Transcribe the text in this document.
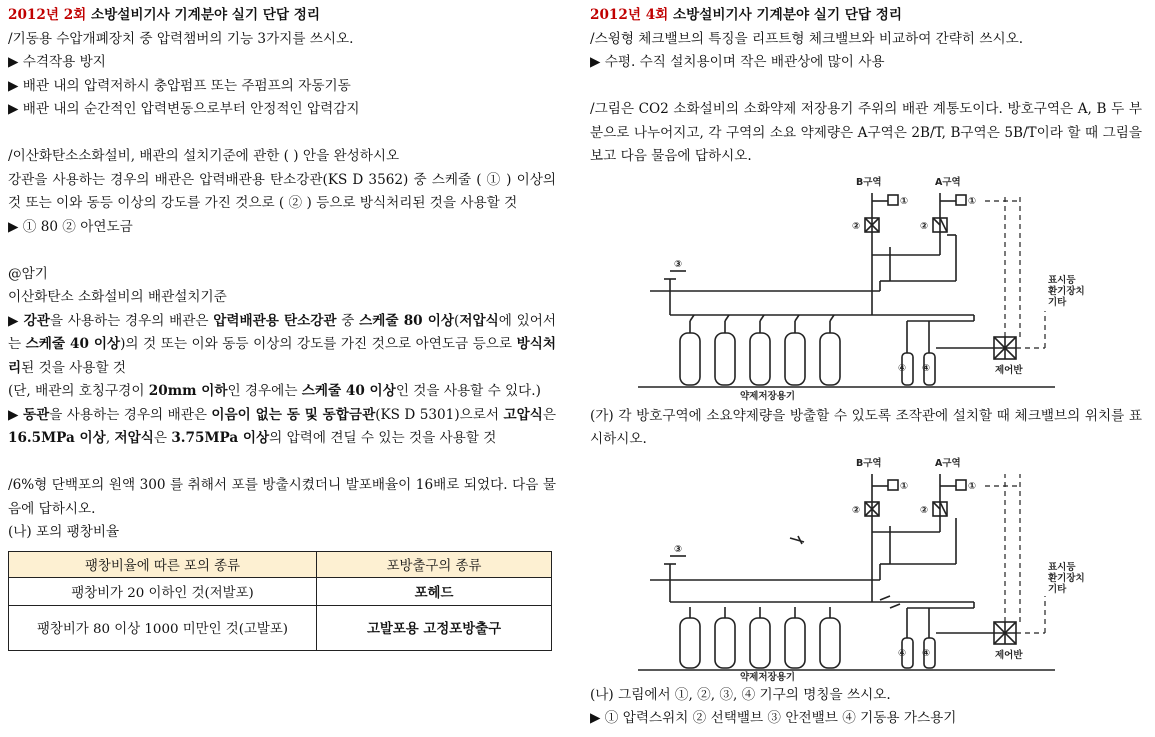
2012년 2회 소방설비기사 기계분야 실기 단답 정리
/기동용 수압개폐장치 중 압력챔버의 기능 3가지를 쓰시오.
▶ 수격작용 방지
▶ 배관 내의 압력저하시 충압펌프 또는 주펌프의 자동기동
▶ 배관 내의 순간적인 압력변동으로부터 안정적인 압력감지
/이산화탄소소화설비, 배관의 설치기준에 관한 ( ) 안을 완성하시오
강관을 사용하는 경우의 배관은 압력배관용 탄소강관(KS D 3562) 중 스케줄 ( ① ) 이상의 것 또는 이와 동등 이상의 강도를 가진 것으로 ( ② ) 등으로 방식처리된 것을 사용할 것
▶ ① 80 ② 아연도금
@암기
이산화탄소 소화설비의 배관설치기준
▶ 강관을 사용하는 경우의 배관은 압력배관용 탄소강관 중 스케줄 80 이상(저압식에 있어서는 스케줄 40 이상)의 것 또는 이와 동등 이상의 강도를 가진 것으로 아연도금 등으로 방식처리된 것을 사용할 것
(단, 배관의 호칭구경이 20mm 이하인 경우에는 스케줄 40 이상인 것을 사용할 수 있다.)
▶ 동관을 사용하는 경우의 배관은 이음이 없는 동 및 동합금관(KS D 5301)으로서 고압식은 16.5MPa 이상, 저압식은 3.75MPa 이상의 압력에 견딜 수 있는 것을 사용할 것
/6%형 단백포의 원액 300 를 취해서 포를 방출시켰더니 발포배율이 16배로 되었다. 다음 물음에 답하시오.
(나) 포의 팽창비율
팽창비율에 따른 포의 종류	포방출구의 종류
팽창비가 20 이하인 것(저발포)	포헤드
팽창비가 80 이상 1000 미만인 것(고발포)	고발포용 고정포방출구
2012년 4회 소방설비기사 기계분야 실기 단답 정리
/스윙형 체크밸브의 특징을 리프트형 체크밸브와 비교하여 간략히 쓰시오.
▶ 수평. 수직 설치용이며 작은 배관상에 많이 사용
/그림은 CO2 소화설비의 소화약제 저장용기 주위의 배관 계통도이다. 방호구역은 A, B 두 부분으로 나누어지고, 각 구역의 소요 약제량은 A구역은 2B/T, B구역은 5B/T이라 할 때 그림을 보고 다음 물음에 답하시오.
B구역	A구역
표시등
환기장치
기타
약제저장용기
제어반
①	①
②	②
③
④ ④
(가) 각 방호구역에 소요약제량을 방출할 수 있도록 조작관에 설치할 때 체크밸브의 위치를 표시하시오.
B구역	A구역
표시등
환기장치
기타
약제저장용기
제어반
①	①
②	②
③
④ ④
(나) 그림에서 ①, ②, ③, ④ 기구의 명칭을 쓰시오.
▶ ① 압력스위치 ② 선택밸브 ③ 안전밸브 ④ 기동용 가스용기
